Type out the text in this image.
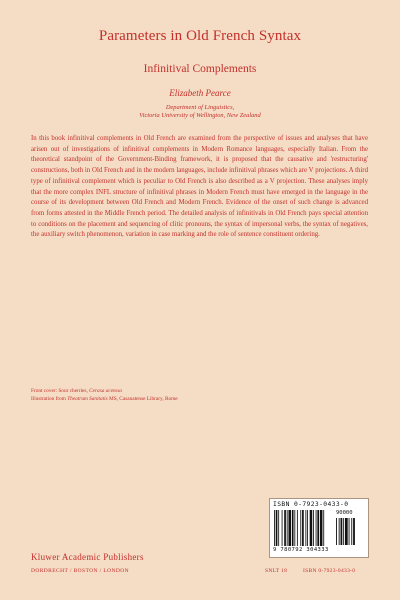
Parameters in Old French Syntax
Infinitival Complements
Elizabeth Pearce
Department of Linguistics,
Victoria University of Wellington, New Zealand
In this book infinitival complements in Old French are examined from the perspective of issues and analyses that have arisen out of investigations of infinitival complements in Modern Romance languages, especially Italian. From the theoretical standpoint of the Government-Binding framework, it is proposed that the causative and 'restructuring' constructions, both in Old French and in the modern languages, include infinitival phrases which are V projections. A third type of infinitival complement which is peculiar to Old French is also described as a V projection. These analyses imply that the more complex INFL structure of infinitival phrases in Modern French must have emerged in the language in the course of its development between Old French and Modern French. Evidence of the onset of such change is advanced from forms attested in the Middle French period. The detailed analysis of infinitivals in Old French pays special attention to conditions on the placement and sequencing of clitic pronouns, the syntax of impersonal verbs, the syntax of negatives, the auxiliary switch phenomenon, variation in case marking and the role of sentence constituent ordering.
Front cover: Sour cherries, Cerasa acetosa
Illustration from Theatrum Sanitatis MS, Casanatense Library, Rome
ISBN 0-7923-0433-0
90000
9 780792 304333
Kluwer Academic Publishers
DORDRECHT / BOSTON / LONDON	SNLT 18	ISBN 0-7923-0433-0
